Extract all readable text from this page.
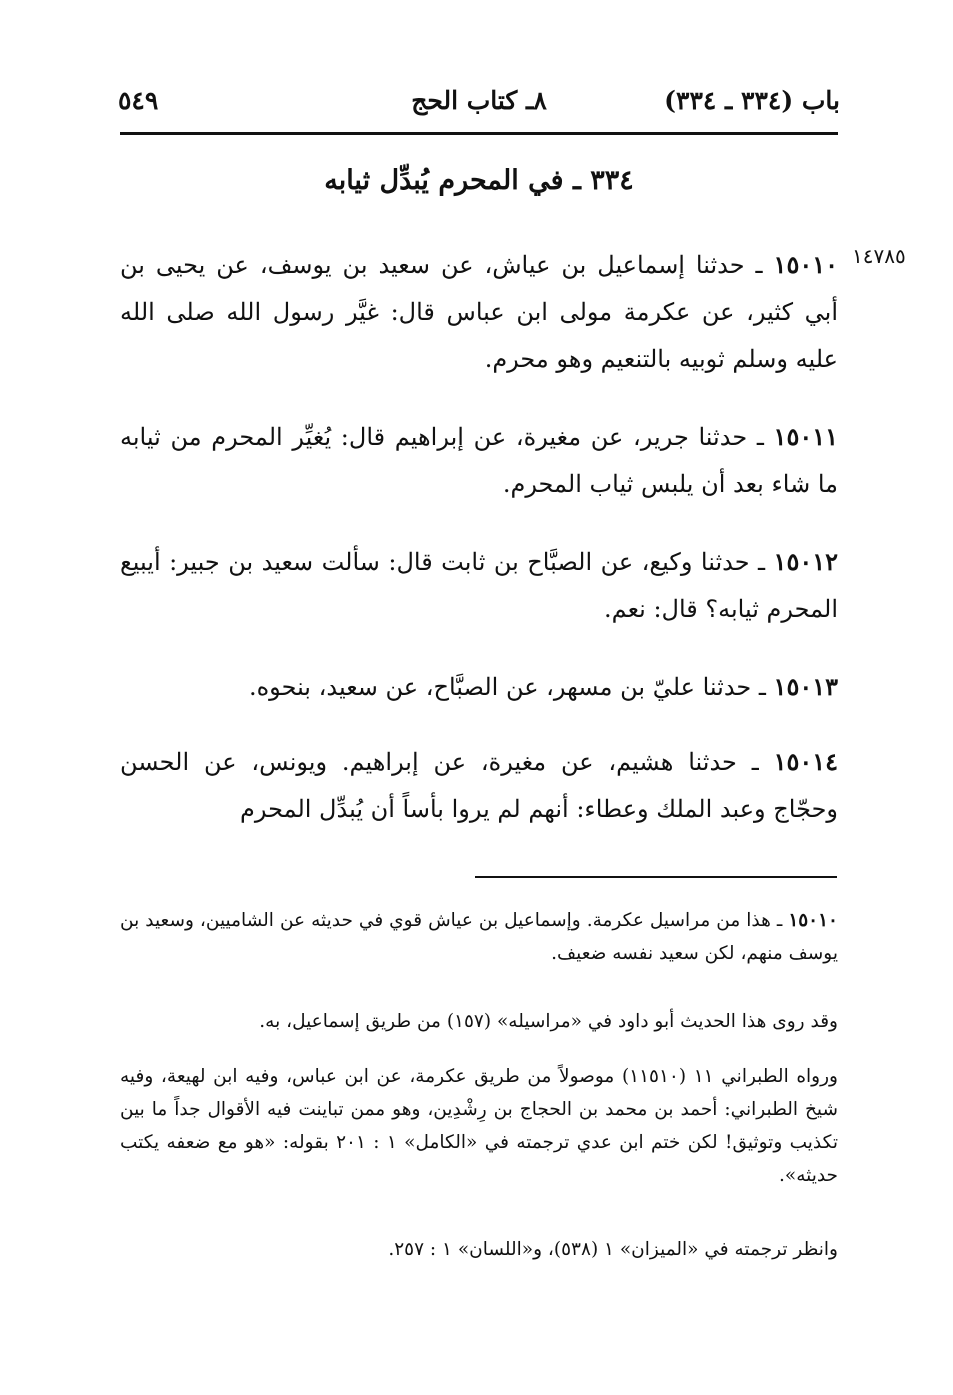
باب (٣٣٤ ـ ٣٣٤)
٨ـ كتاب الحج
٥٤٩
٣٣٤ ـ في المحرم يُبدِّل ثيابه
١٤٧٨٥
١٥٠١٠ ـ حدثنا إسماعيل بن عياش، عن سعيد بن يوسف، عن يحيى بن أبي كثير، عن عكرمة مولى ابن عباس قال: غيَّر رسول الله صلى الله عليه وسلم ثوبيه بالتنعيم وهو محرم.
١٥٠١١ ـ حدثنا جرير، عن مغيرة، عن إبراهيم قال: يُغيِّر المحرم من ثيابه ما شاء بعد أن يلبس ثياب المحرم.
١٥٠١٢ ـ حدثنا وكيع، عن الصبَّاح بن ثابت قال: سألت سعيد بن جبير: أيبيع المحرم ثيابه؟ قال: نعم.
١٥٠١٣ ـ حدثنا عليّ بن مسهر، عن الصبَّاح، عن سعيد، بنحوه.
١٥٠١٤ ـ حدثنا هشيم، عن مغيرة، عن إبراهيم. ويونس، عن الحسن وحجّاج وعبد الملك وعطاء: أنهم لم يروا بأساً أن يُبدِّل المحرم
١٥٠١٠ ـ هذا من مراسيل عكرمة. وإسماعيل بن عياش قوي في حديثه عن الشاميين، وسعيد بن يوسف منهم، لكن سعيد نفسه ضعيف.
وقد روى هذا الحديث أبو داود في «مراسيله» (١٥٧) من طريق إسماعيل، به.
ورواه الطبراني ١١ (١١٥١٠) موصولاً من طريق عكرمة، عن ابن عباس، وفيه ابن لهيعة، وفيه شيخ الطبراني: أحمد بن محمد بن الحجاج بن رِشْدِين، وهو ممن تباينت فيه الأقوال جداً ما بين تكذيب وتوثيق! لكن ختم ابن عدي ترجمته في «الكامل» ١ : ٢٠١ بقوله: «هو مع ضعفه يكتب حديثه».
وانظر ترجمته في «الميزان» ١ (٥٣٨)، و«اللسان» ١ : ٢٥٧.
